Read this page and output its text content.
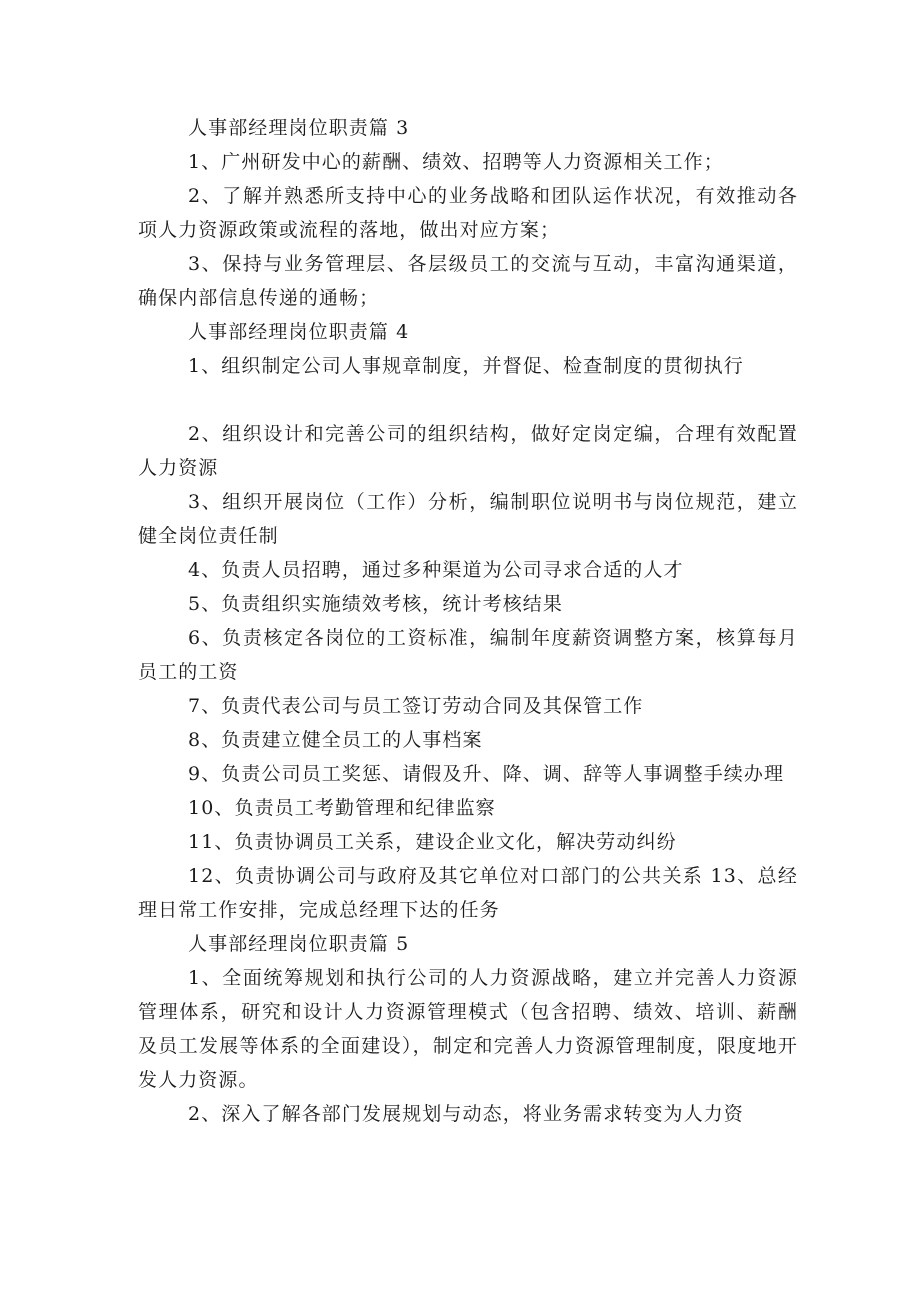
人事部经理岗位职责篇 3

1、广州研发中心的薪酬、绩效、招聘等人力资源相关工作；

2、了解并熟悉所支持中心的业务战略和团队运作状况，有效推动各项人力资源政策或流程的落地，做出对应方案；

3、保持与业务管理层、各层级员工的交流与互动，丰富沟通渠道，确保内部信息传递的通畅；

人事部经理岗位职责篇 4

1、组织制定公司人事规章制度，并督促、检查制度的贯彻执行

2、组织设计和完善公司的组织结构，做好定岗定编，合理有效配置人力资源

3、组织开展岗位（工作）分析，编制职位说明书与岗位规范，建立健全岗位责任制

4、负责人员招聘，通过多种渠道为公司寻求合适的人才

5、负责组织实施绩效考核，统计考核结果

6、负责核定各岗位的工资标准，编制年度薪资调整方案，核算每月员工的工资

7、负责代表公司与员工签订劳动合同及其保管工作

8、负责建立健全员工的人事档案

9、负责公司员工奖惩、请假及升、降、调、辞等人事调整手续办理

10、负责员工考勤管理和纪律监察

11、负责协调员工关系，建设企业文化，解决劳动纠纷

12、负责协调公司与政府及其它单位对口部门的公共关系 13、总经理日常工作安排，完成总经理下达的任务

人事部经理岗位职责篇 5

1、全面统筹规划和执行公司的人力资源战略，建立并完善人力资源管理体系，研究和设计人力资源管理模式（包含招聘、绩效、培训、薪酬及员工发展等体系的全面建设），制定和完善人力资源管理制度，限度地开发人力资源。

2、深入了解各部门发展规划与动态，将业务需求转变为人力资
